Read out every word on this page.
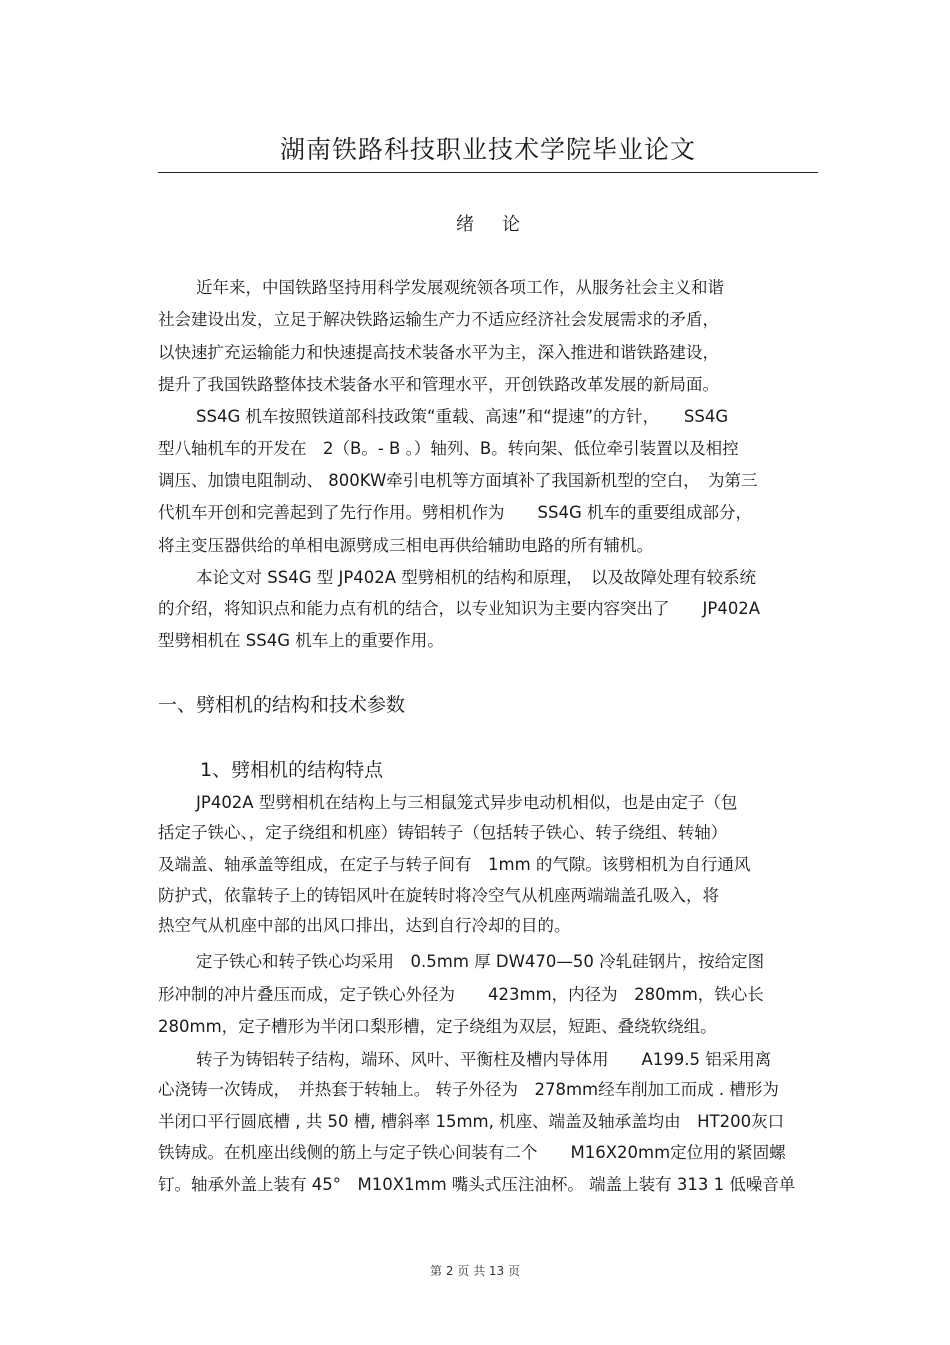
湖南铁路科技职业技术学院毕业论文
绪论
近年来，中国铁路坚持用科学发展观统领各项工作，从服务社会主义和谐
社会建设出发，立足于解决铁路运输生产力不适应经济社会发展需求的矛盾，
以快速扩充运输能力和快速提高技术装备水平为主，深入推进和谐铁路建设，
提升了我国铁路整体技术装备水平和管理水平，开创铁路改革发展的新局面。
SS4G 机车按照铁道部科技政策“重载、高速”和“提速”的方针，　　SS4G
型八轴机车的开发在　2（B。- B 。）轴列、B。转向架、低位牵引装置以及相控
调压、加馈电阻制动、 800KW牵引电机等方面填补了我国新机型的空白，　为第三
代机车开创和完善起到了先行作用。劈相机作为　　SS4G 机车的重要组成部分，
将主变压器供给的单相电源劈成三相电再供给辅助电路的所有辅机。
本论文对 SS4G 型 JP402A 型劈相机的结构和原理，　以及故障处理有较系统
的介绍，将知识点和能力点有机的结合，以专业知识为主要内容突出了　　JP402A
型劈相机在 SS4G 机车上的重要作用。
一、劈相机的结构和技术参数
1、劈相机的结构特点
JP402A 型劈相机在结构上与三相鼠笼式异步电动机相似，也是由定子（包
括定子铁心、，定子绕组和机座）铸铝转子（包括转子铁心、转子绕组、转轴）
及端盖、轴承盖等组成，在定子与转子间有　1mm 的气隙。该劈相机为自行通风
防护式，依靠转子上的铸铝风叶在旋转时将冷空气从机座两端端盖孔吸入，将
热空气从机座中部的出风口排出，达到自行冷却的目的。
定子铁心和转子铁心均采用　0.5mm 厚 DW470—50 冷轧硅钢片，按给定图
形冲制的冲片叠压而成，定子铁心外径为　　423mm，内径为　280mm，铁心长
280mm，定子槽形为半闭口梨形槽，定子绕组为双层，短距、叠绕软绕组。
转子为铸铝转子结构，端环、风叶、平衡柱及槽内导体用　　A199.5 铝采用离
心浇铸一次铸成，　并热套于转轴上。 转子外径为　278mm经车削加工而成 . 槽形为
半闭口平行圆底槽 , 共 50 槽, 槽斜率 15mm, 机座、端盖及轴承盖均由　HT200灰口
铁铸成。在机座出线侧的筋上与定子铁心间装有二个　　M16X20mm定位用的紧固螺
钉。轴承外盖上装有 45°　M10X1mm 嘴头式压注油杯。 端盖上装有 313 1 低噪音单
第 2 页 共 13 页
